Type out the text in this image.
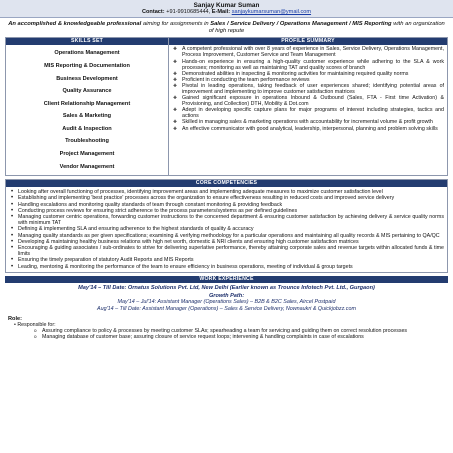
Sanjay Kumar Suman
Contact: +91-9910685444, E-Mail: sanjaykumarsuman@ymail.com
An accomplished & knowledgeable professional aiming for assignments in Sales / Service Delivery / Operations Management / MIS Reporting with an organization of high repute
SKILLS SET
Operations Management
MIS Reporting & Documentation
Business Development
Quality Assurance
Client Relationship Management
Sales & Marketing
Audit & Inspection
Troubleshooting
Project Management
Vendor Management
PROFILE SUMMARY
❖ A competent professional with over 8 years of experience in Sales, Service Delivery, Operations Management, Process Improvement, Customer Service and Team Management
❖ Hands-on experience in ensuring a high-quality customer experience while adhering to the SLA & work processes; monitoring as well as maintaining TAT and quality scores of branch
❖ Demonstrated abilities in inspecting & monitoring activities for maintaining required quality norms
❖ Proficient in conducting the team performance reviews
❖ Pivotal in leading operations, taking feedback of user experiences shared; identifying potential areas of improvement and implementing to improve customer satisfaction matrices
❖ Gained significant exposure in operations Inbound & Outbound (Sales, FTA - First time Activation) & Provisioning, and Collection) DTH, Mobility & Dot.com
❖ Adept in developing specific capture plans for major programs of interest including strategies, tactics and actions
❖ Skilled in managing sales & marketing operations with accountability for incremental volume & profit growth
❖ An effective communicator with good analytical, leadership, interpersonal, planning and problem solving skills
CORE COMPETENCIES
• Looking after overall functioning of processes, identifying improvement areas and implementing adequate measures to maximize customer satisfaction level
• Establishing and implementing 'best practice' processes across the organization to ensure effectiveness resulting in reduced costs and improved service delivery
• Handling escalations and monitoring quality standards of team through constant monitoring & providing feedback
• Conducting process reviews for ensuring strict adherence to the process parameters/systems as per defined guidelines
• Managing customer centric operations, forwarding customer instructions to the concerned department & ensuring customer satisfaction by achieving delivery & service quality norms with minimum TAT
• Defining & implementing SLA and ensuring adherence to the highest standards of quality & accuracy
• Managing quality standards as per given specifications; examining & verifying methodology for a particular operations and maintaining all quality records & MIS pertaining to QA/QC
• Developing & maintaining healthy business relations with high net worth, domestic & NRI clients and ensuring high customer satisfaction matrices
• Encouraging & guiding associates / sub-ordinates to strive for delivering superlative performance, thereby attaining corporate sales and revenue targets within allocated funds & time limits
• Ensuring the timely preparation of statutory Audit Reports and MIS Reports
• Leading, mentoring & monitoring the performance of the team to ensure efficiency in business operations, meeting of individual & group targets
WORK EXPERIENCE
May'14 – Till Date: Ornatus Solutions Pvt. Ltd, New Delhi (Earlier known as Trounce Infotech Pvt. Ltd., Gurgaon)
Growth Path:
May'14 – Jul'14: Assistant Manager (Operations Sales) – B2B & B2C Sales, Aircel Postpaid
Aug'14 – Till Date: Assistant Manager (Operations) – Sales & Service Delivery, Nownaukri & Quickjobzz.com
Role:
• Responsible for:
o Assuring compliance to policy & processes by meeting customer SLAs; spearheading a team for servicing and guiding them on correct resolution processes
o Managing database of customer base; assuring closure of service request loops; intervening & handling complaints in case of escalations
